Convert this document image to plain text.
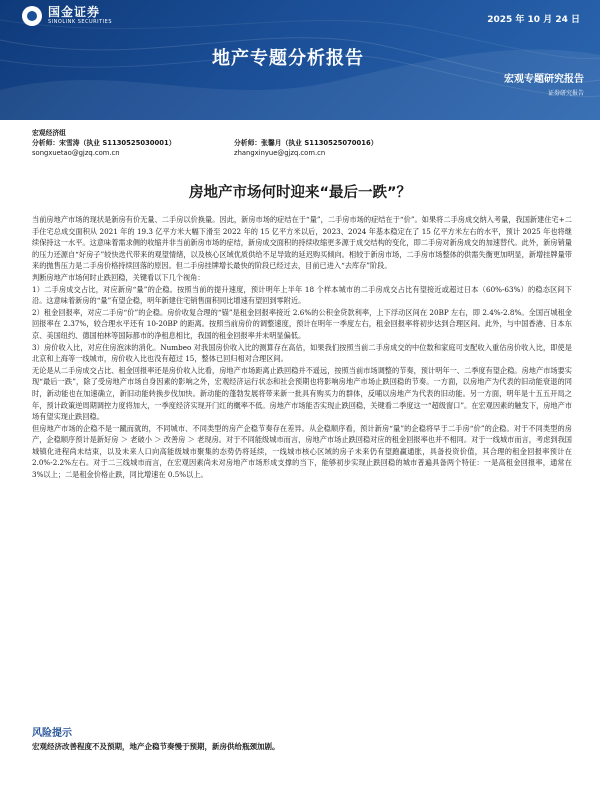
国金证券
SINOLINK SECURITIES	2025 年 10 月 24 日
地产专题分析报告
宏观专题研究报告
证券研究报告
宏观经济组
分析师：宋雪涛（执业 S1130525030001）	分析师：张馨月（执业 S1130525070016）
songxuetao@gjzq.com.cn	zhangxinyue@gjzq.com.cn
房地产市场何时迎来“最后一跌”？

当前房地产市场的现状是新房有价无量、二手房以价换量。因此，新房市场的症结在于“量”，二手房市场的症结在于“价”。如果将二手房成交纳入考量，我国新建住宅+二手住宅总成交面积从 2021 年的 19.3 亿平方米大幅下滑至 2022 年的 15 亿平方米以后，2023、2024 年基本稳定在了 15 亿平方米左右的水平，预计 2025 年也将继续保持这一水平。这意味着需求侧的收缩并非当前新房市场的症结，新房成交面积的持续收缩更多源于成交结构的变化，即二手房对新房成交的加速替代。此外，新房销量的压力还源自“好房子”较快迭代带来的观望情绪，以及核心区域优质供给不足导致的延迟购买倾向。相较于新房市场，二手房市场整体的供需失衡更加明显，新增挂牌量带来的抛售压力是二手房价格持续回落的原因。但二手房挂牌增长最快的阶段已经过去，目前已进入“去库存”阶段。

判断房地产市场何时止跌回稳，关键看以下几个视角：

1）二手房成交占比，对应新房“量”的企稳。按照当前的提升速度，预计明年上半年 18 个样本城市的二手房成交占比有望接近或超过日本（60%-63%）的稳态区间下沿。这意味着新房的“量”有望企稳，明年新建住宅销售面积同比增速有望回到零附近。

2）租金回报率，对应二手房“价”的企稳。房价收复合理的“锚”是租金回报率接近 2.6%的公积金贷款利率，上下浮动区间在 20BP 左右，即 2.4%-2.8%。全国百城租金回报率在 2.37%，较合理水平还有 10-20BP 的距离。按照当前房价的调整速度，预计在明年一季度左右，租金回报率将初步达到合理区间。此外，与中国香港、日本东京、美国纽约、德国柏林等国际都市的净租息相比，我国的租金回报率并未明显偏低。

3）房价收入比，对应住房泡沫的消化。Numbeo 对我国房价收入比的测算存在高估，如果我们按照当前二手房成交的中位数和家庭可支配收入重估房价收入比，即使是北京和上海等一线城市，房价收入比也没有超过 15，整体已回归相对合理区间。

无论是从二手房成交占比、租金回报率还是房价收入比看，房地产市场距离止跌回稳并不遥远，按照当前市场调整的节奏，预计明年一、二季度有望企稳。房地产市场要实现“最后一跌”，除了受房地产市场自身因素的影响之外，宏观经济运行状态和社会预期也将影响房地产市场止跌回稳的节奏。一方面，以房地产为代表的旧动能衰退的同时，新动能也在加速确立，新旧动能转换步伐加快。新动能的蓬勃发展将带来新一批具有购买力的群体，反哺以房地产为代表的旧动能。另一方面，明年是十五五开局之年，预计政策逆周期调控力度将加大，一季度经济实现开门红的概率不低。房地产市场能否实现止跌回稳，关键看二季度这一“超级窗口”。在宏观因素的触发下，房地产市场有望实现止跌回稳。

但房地产市场的企稳不是一蹴而就的，不同城市、不同类型的房产企稳节奏存在差异。从企稳顺序看，预计新房“量”的企稳将早于二手房“价”的企稳。对于不同类型的房产，企稳顺序预计是新好房 ＞ 老破小 ＞ 改善房 ＞ 老现房。对于不同能级城市而言，房地产市场止跌回稳对应的租金回报率也并不相同。对于一线城市而言，考虑到我国城镇化进程尚未结束，以及未来人口向高能级城市聚集的态势仍将延续，一线城市核心区域的房子未来仍有望跑赢通胀，具备投资价值，其合理的租金回报率预计在 2.0%-2.2%左右。对于二三线城市而言，在宏观因素尚未对房地产市场形成支撑的当下，能够初步实现止跌回稳的城市普遍具备两个特征：一是高租金回报率，通常在 3%以上；二是租金价格止跌，同比增速在 0.5%以上。

风险提示
宏观经济改善程度不及预期，地产企稳节奏慢于预期，新房供给瓶颈加剧。
